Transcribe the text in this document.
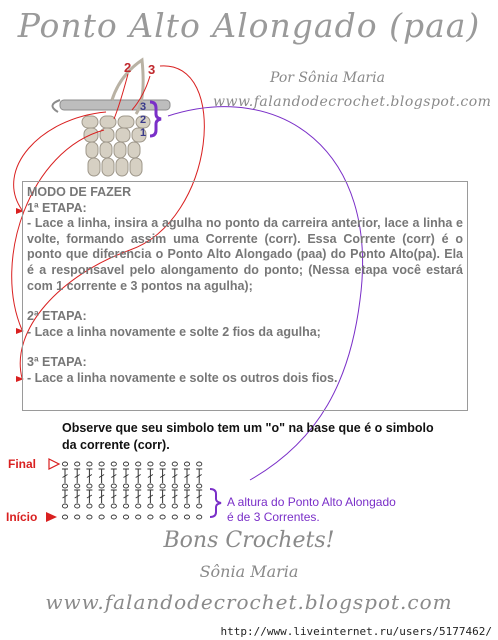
Ponto Alto Alongado (paa)
Por Sônia Maria
www.falandodecrochet.blogspot.com
2 3
3
2
1
MODO DE FAZER
1ª ETAPA:

- Lace a linha, insira a agulha no ponto da carreira anterior, lace a linha e volte, formando assim uma Corrente (corr). Essa Corrente (corr) é o ponto que diferencia o Ponto Alto Alongado (paa) do Ponto Alto(pa). Ela é a responsavel pelo alongamento do ponto; (Nessa etapa você estará com 1 corrente e 3 pontos na agulha);

2ª ETAPA:

- Lace a linha novamente e solte 2 fios da agulha;

3ª ETAPA:

- Lace a linha novamente e solte os outros dois fios.

Observe que seu simbolo tem um "o" na base que é o simbolo da corrente (corr).
Final
Início
A altura do Ponto Alto Alongado
é de 3 Correntes.
Bons Crochets!
Sônia Maria
www.falandodecrochet.blogspot.com
http://www.liveinternet.ru/users/5177462/
